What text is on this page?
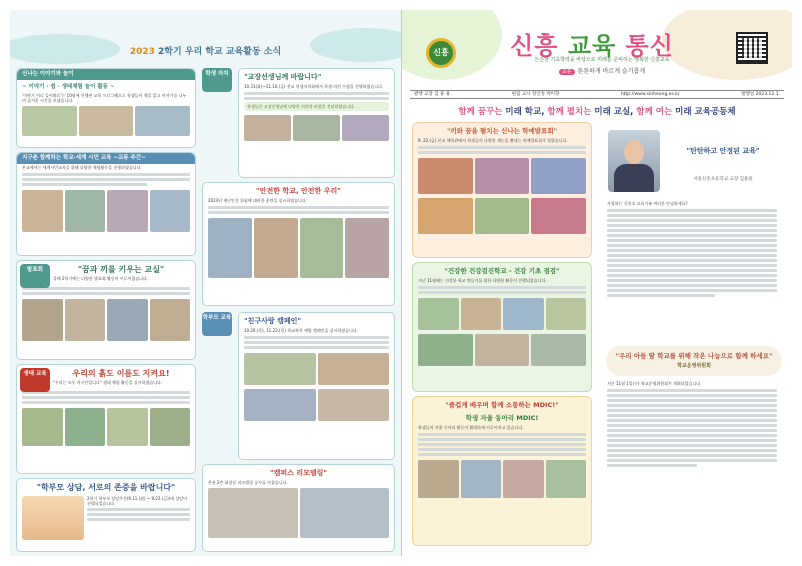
2023 2학기 우리 학교 교육활동 소식
신나는 이야기와 놀이
~ 이야기 · 쉼 · 생태체험 놀이 활동 ~
'이야기 어디 들어봐요'는 10월에 진행된 교육 프로그램으로 학생들이 책을 읽고 이야기를 나누며 즐거운 시간을 보냈습니다.
지구촌 함께하는 학교·세계 시민 교육 ~교류 주간~
본교에서는 세계시민교육을 위해 다양한 체험활동을 진행하였습니다.
발표회	"꿈과 끼를 키우는 교실"
올해 2학기에는 다양한 발표회 활동이 이루어졌습니다.
생태 교육	우리의 흙도 이름도 지켜요!
"우리는 모두 지구인입니다" 생태 체험 활동을 실시하였습니다.
"학부모 상담, 서로의 존중을 바랍니다"
2학기 학부모 상담주간(9.11.(월) ~ 9.22.(금))에 상담이 진행되었습니다.
학생 자치	"교장선생님께 바랍니다"
10.31(화)~11.10.(금) 전교 학생자치회에서 학생 의견 수렴을 진행하였습니다.
학생들은 교장선생님께 다양한 의견과 바람을 전달하였습니다.
"안전한 학교, 안전한 우리"
2023년 재난안전 위험에 대비한 훈련을 실시하였습니다.
학부모 교육	"친구사랑 캠페인"
10.20.(목), 11.23.(목) 학교폭력 예방 캠페인을 실시하였습니다.
"캠퍼스 리모델링"
본관 2층 화장실 리모델링 공사를 마쳤습니다.
신흥	신흥 교육 통신
든든한 기초학력을 바탕으로 미래를 준비하는 행복한 신흥교육
교훈 튼튼하게 바르게 슬기롭게
발행 교장 김 용 용	편집 교사 정인정 박미향	http://www.sinheung.es.kr	발행일 2023.12.1.
함께 꿈꾸는 미래 학교, 함께 펼치는 미래 교실, 함께 여는 미래 교육공동체
"끼와 꿈을 펼치는 신나는 학예발표회"
9. 22.(금) 본교 체육관에서 학생들의 다양한 재능을 뽐내는 학예발표회가 열렸습니다.
"탄탄하고 안정된 교육"
서울신흥초등학교 교장 김용용
사랑하는 신흥초 교육가족 여러분 안녕하세요?
"건강한 건강검진학교 - 건강 기초 점검"
지난 11월에는 건강한 학교 만들기를 위한 다양한 활동이 진행되었습니다.
"우리 아들 딸 학교를 위해 작은 나눔으로 함께 하세요"
학교운영위원회
지난 11월 1일(수) 학교운영위원회가 개최되었습니다.
"즐겁게 배우며 함께 소통하는 MDIC!"
학생 자율 동아리 MDIC!
학생들의 자율 동아리 활동이 활발하게 이루어지고 있습니다.
